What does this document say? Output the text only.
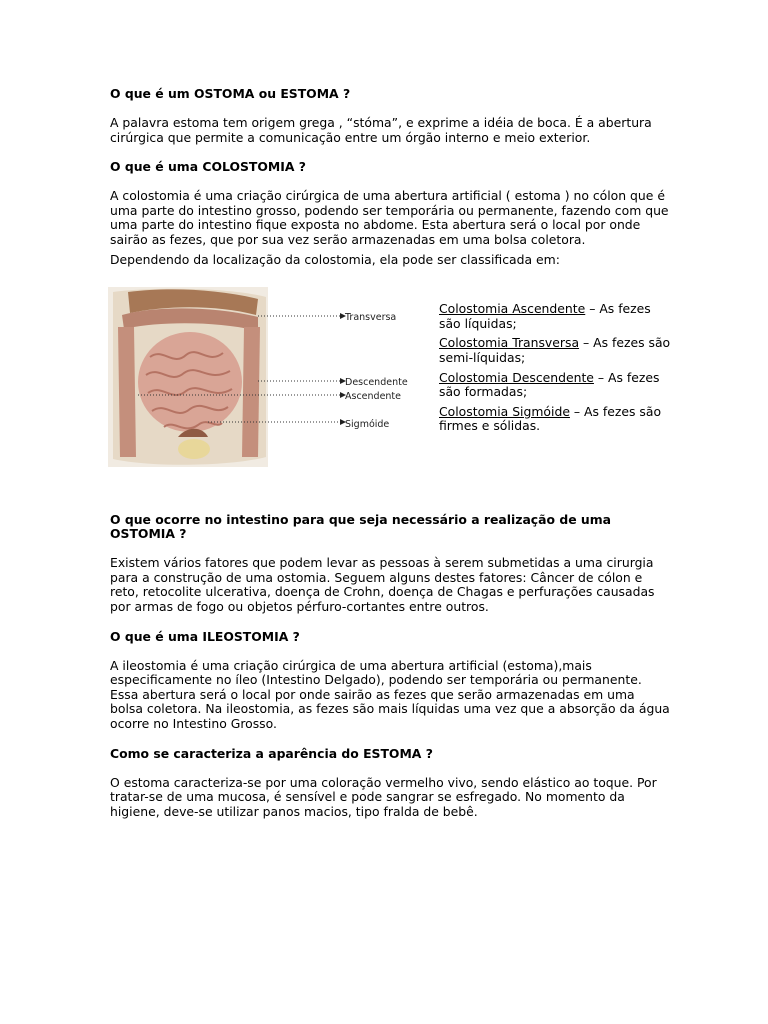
O que é um OSTOMA ou ESTOMA ?

A palavra estoma tem origem grega , “stóma”, e exprime a idéia de boca. É a abertura cirúrgica que permite a comunicação entre um órgão interno e meio exterior.

O que é uma COLOSTOMIA ?

A colostomia é uma criação cirúrgica de uma abertura artificial ( estoma ) no cólon que é uma parte do intestino grosso, podendo ser temporária ou permanente, fazendo com que uma parte do intestino fique exposta no abdome. Esta abertura será o local por onde sairão as fezes, que por sua vez serão armazenadas em uma bolsa coletora.

Dependendo da localização da colostomia, ela pode ser classificada em:

Transversa
Descendente
Ascendente
Sigmóide
Colostomia Ascendente – As fezes são líquidas;
Colostomia Transversa – As fezes são semi-líquidas;
Colostomia Descendente – As fezes são formadas;
Colostomia Sigmóide – As fezes são firmes e sólidas.

O que ocorre no intestino para que seja necessário a realização de uma OSTOMIA ?

Existem vários fatores que podem levar as pessoas à serem submetidas a uma cirurgia para a construção de uma ostomia. Seguem alguns destes fatores: Câncer de cólon e reto, retocolite ulcerativa, doença de Crohn, doença de Chagas e perfurações causadas por armas de fogo ou objetos pérfuro-cortantes entre outros.

O que é uma ILEOSTOMIA ?

A ileostomia é uma criação cirúrgica de uma abertura artificial (estoma),mais especificamente no íleo (Intestino Delgado), podendo ser temporária ou permanente. Essa abertura será o local por onde sairão as fezes que serão armazenadas em uma bolsa coletora. Na ileostomia, as fezes são mais líquidas uma vez que a absorção da água ocorre no Intestino Grosso.

Como se caracteriza a aparência do ESTOMA ?

O estoma caracteriza-se por uma coloração vermelho vivo, sendo elástico ao toque. Por tratar-se de uma mucosa, é sensível e pode sangrar se esfregado. No momento da higiene, deve-se utilizar panos macios, tipo fralda de bebê.
